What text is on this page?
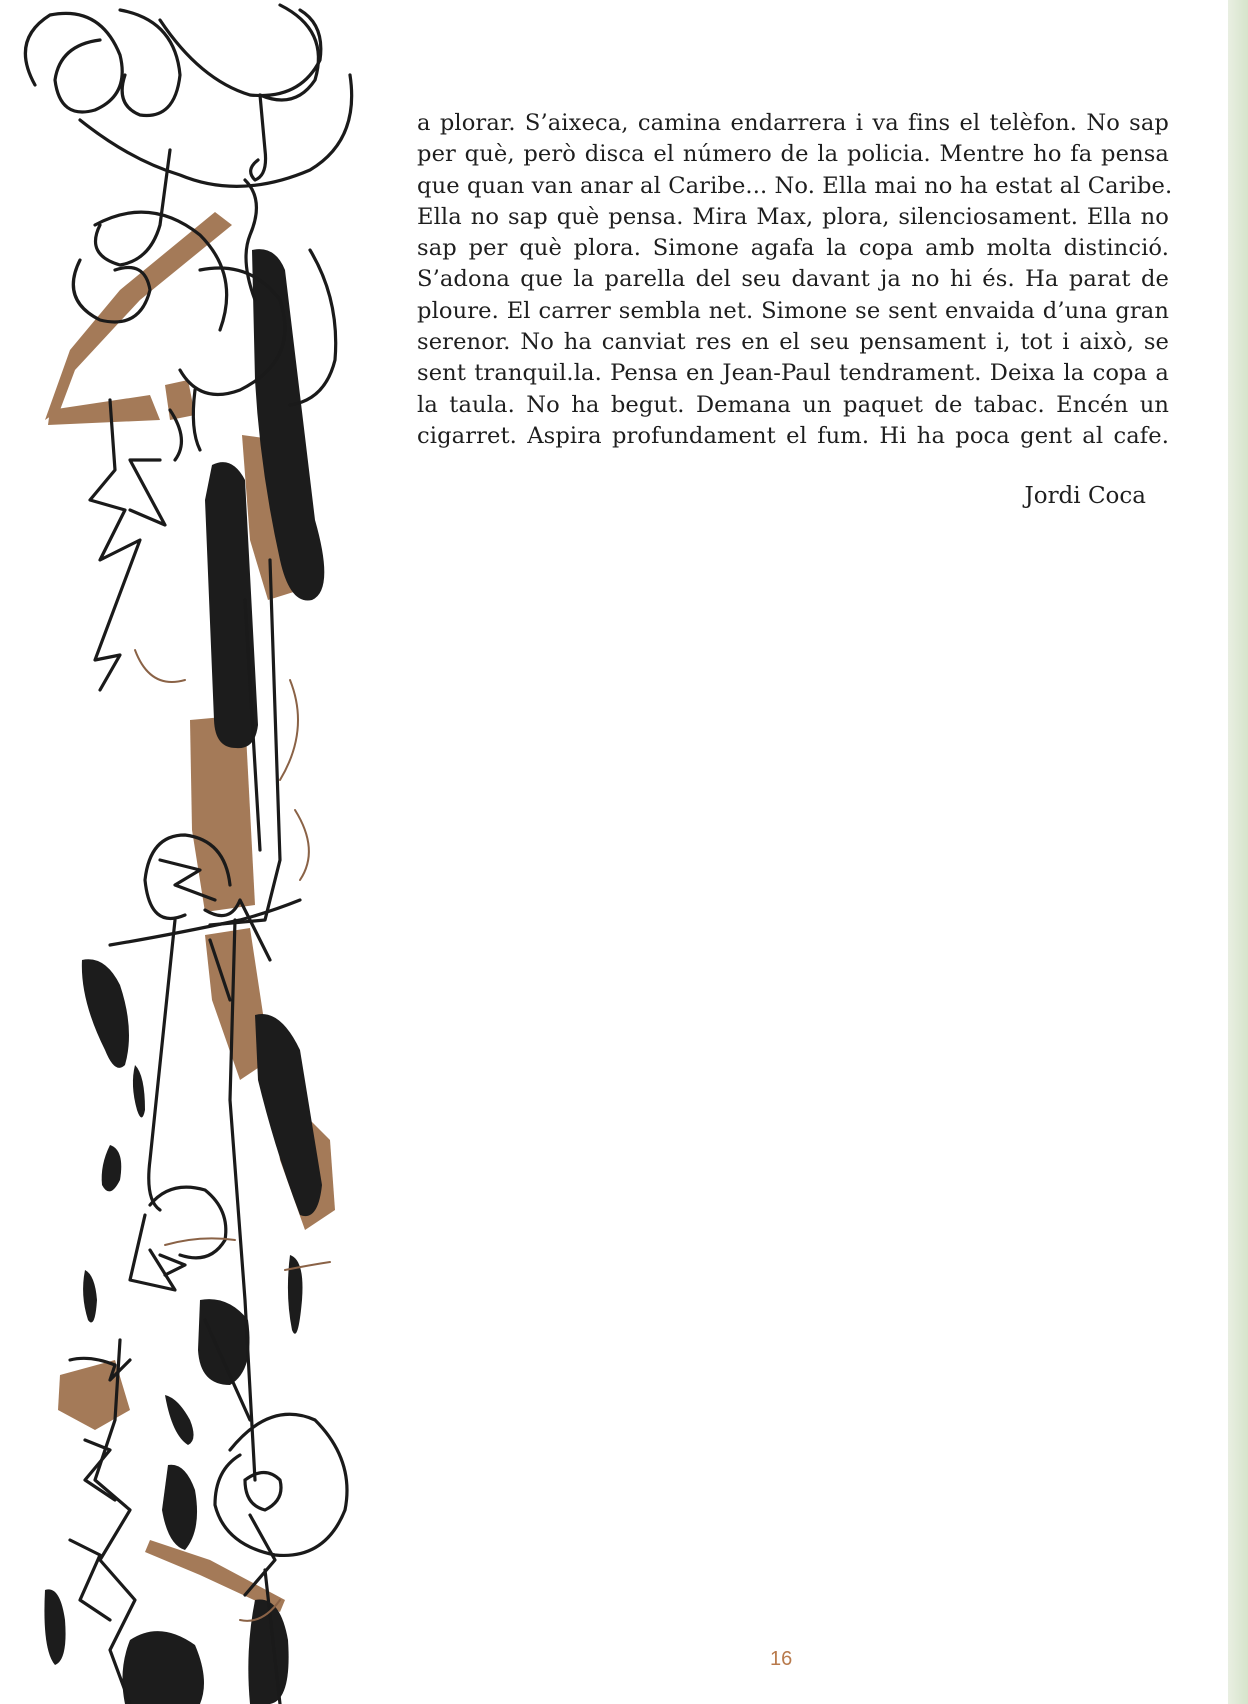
a plorar. S’aixeca, camina endarrera i va fins el telèfon. No sap
per què, però disca el número de la policia. Mentre ho fa pensa
que quan van anar al Caribe... No. Ella mai no ha estat al Caribe.
Ella no sap què pensa. Mira Max, plora, silenciosament. Ella no
sap per què plora. Simone agafa la copa amb molta distinció.
S’adona que la parella del seu davant ja no hi és. Ha parat de
ploure. El carrer sembla net. Simone se sent envaida d’una gran
serenor. No ha canviat res en el seu pensament i, tot i això, se
sent tranquil.la. Pensa en Jean-Paul tendrament. Deixa la copa a
la taula. No ha begut. Demana un paquet de tabac. Encén un
cigarret. Aspira profundament el fum. Hi ha poca gent al cafe.
Jordi Coca
16
